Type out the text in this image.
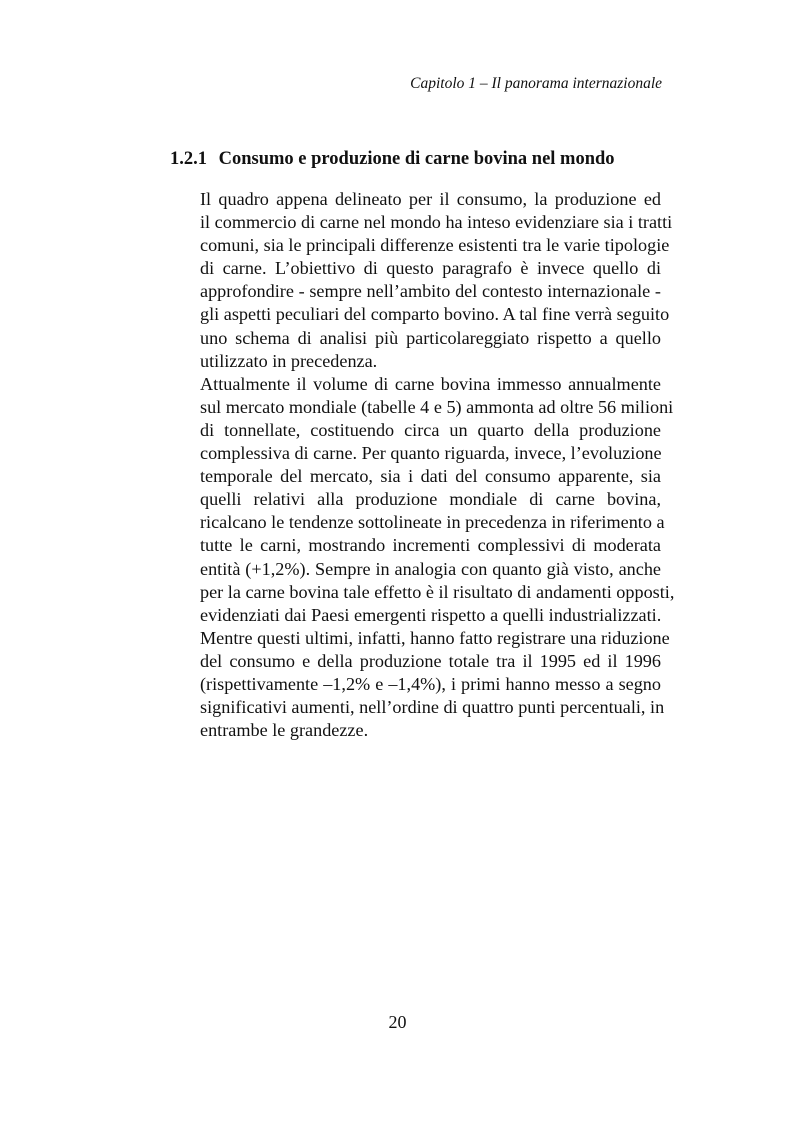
Capitolo 1 – Il panorama internazionale
1.2.1 Consumo e produzione di carne bovina nel mondo

Il quadro appena delineato per il consumo, la produzione ed
il commercio di carne nel mondo ha inteso evidenziare sia i tratti
comuni, sia le principali differenze esistenti tra le varie tipologie
di carne. L’obiettivo di questo paragrafo è invece quello di
approfondire - sempre nell’ambito del contesto internazionale -
gli aspetti peculiari del comparto bovino. A tal fine verrà seguito
uno schema di analisi più particolareggiato rispetto a quello
utilizzato in precedenza.

Attualmente il volume di carne bovina immesso annualmente
sul mercato mondiale (tabelle 4 e 5) ammonta ad oltre 56 milioni
di tonnellate, costituendo circa un quarto della produzione
complessiva di carne. Per quanto riguarda, invece, l’evoluzione
temporale del mercato, sia i dati del consumo apparente, sia
quelli relativi alla produzione mondiale di carne bovina,
ricalcano le tendenze sottolineate in precedenza in riferimento a
tutte le carni, mostrando incrementi complessivi di moderata
entità (+1,2%). Sempre in analogia con quanto già visto, anche
per la carne bovina tale effetto è il risultato di andamenti opposti,
evidenziati dai Paesi emergenti rispetto a quelli industrializzati.
Mentre questi ultimi, infatti, hanno fatto registrare una riduzione
del consumo e della produzione totale tra il 1995 ed il 1996
(rispettivamente –1,2% e –1,4%), i primi hanno messo a segno
significativi aumenti, nell’ordine di quattro punti percentuali, in
entrambe le grandezze.

20
